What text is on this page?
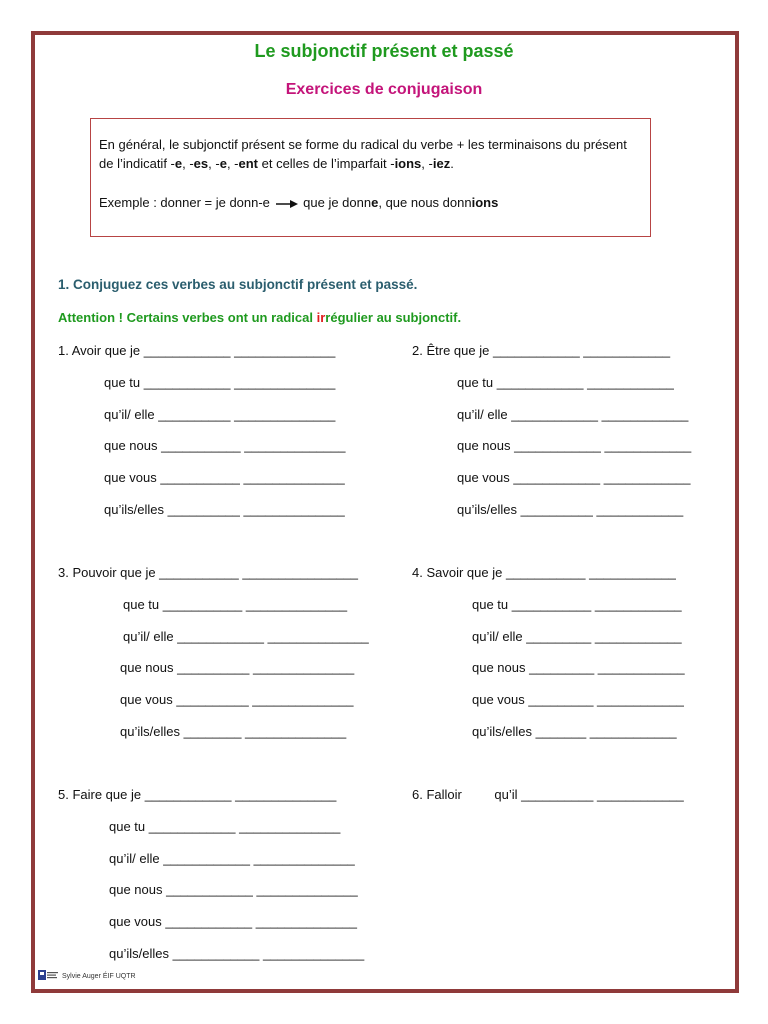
Le subjonctif présent et passé
Exercices de conjugaison

En général, le subjonctif présent se forme du radical du verbe + les terminaisons du présent de l’indicatif -e, -es, -e, -ent et celles de l’imparfait -ions, -iez.

Exemple : donner = je donn-e  que je donne, que nous donnions

1. Conjuguez ces verbes au subjonctif présent et passé.

Attention ! Certains verbes ont un radical irrégulier au subjonctif.

1. Avoir que je ____________ ______________
que tu ____________ ______________
qu’il/ elle __________ ______________
que nous ___________ ______________
que vous ___________ ______________
qu’ils/elles __________ ______________
2. Être que je ____________ ____________
que tu ____________ ____________
qu’il/ elle ____________ ____________
que nous ____________ ____________
que vous ____________ ____________
qu’ils/elles __________ ____________
3. Pouvoir que je ___________ ________________
que tu ___________ ______________
qu’il/ elle ____________ ______________
que nous __________ ______________
que vous __________ ______________
qu’ils/elles ________ ______________
4. Savoir que je ___________ ____________
que tu ___________ ____________
qu’il/ elle _________ ____________
que nous _________ ____________
que vous _________ ____________
qu’ils/elles _______ ____________
5. Faire que je ____________ ______________
que tu ____________ ______________
qu’il/ elle ____________ ______________
que nous ____________ ______________
que vous ____________ ______________
qu’ils/elles ____________ ______________
6. Falloir         qu’il __________ ____________
Sylvie Auger ÉIF UQTR
